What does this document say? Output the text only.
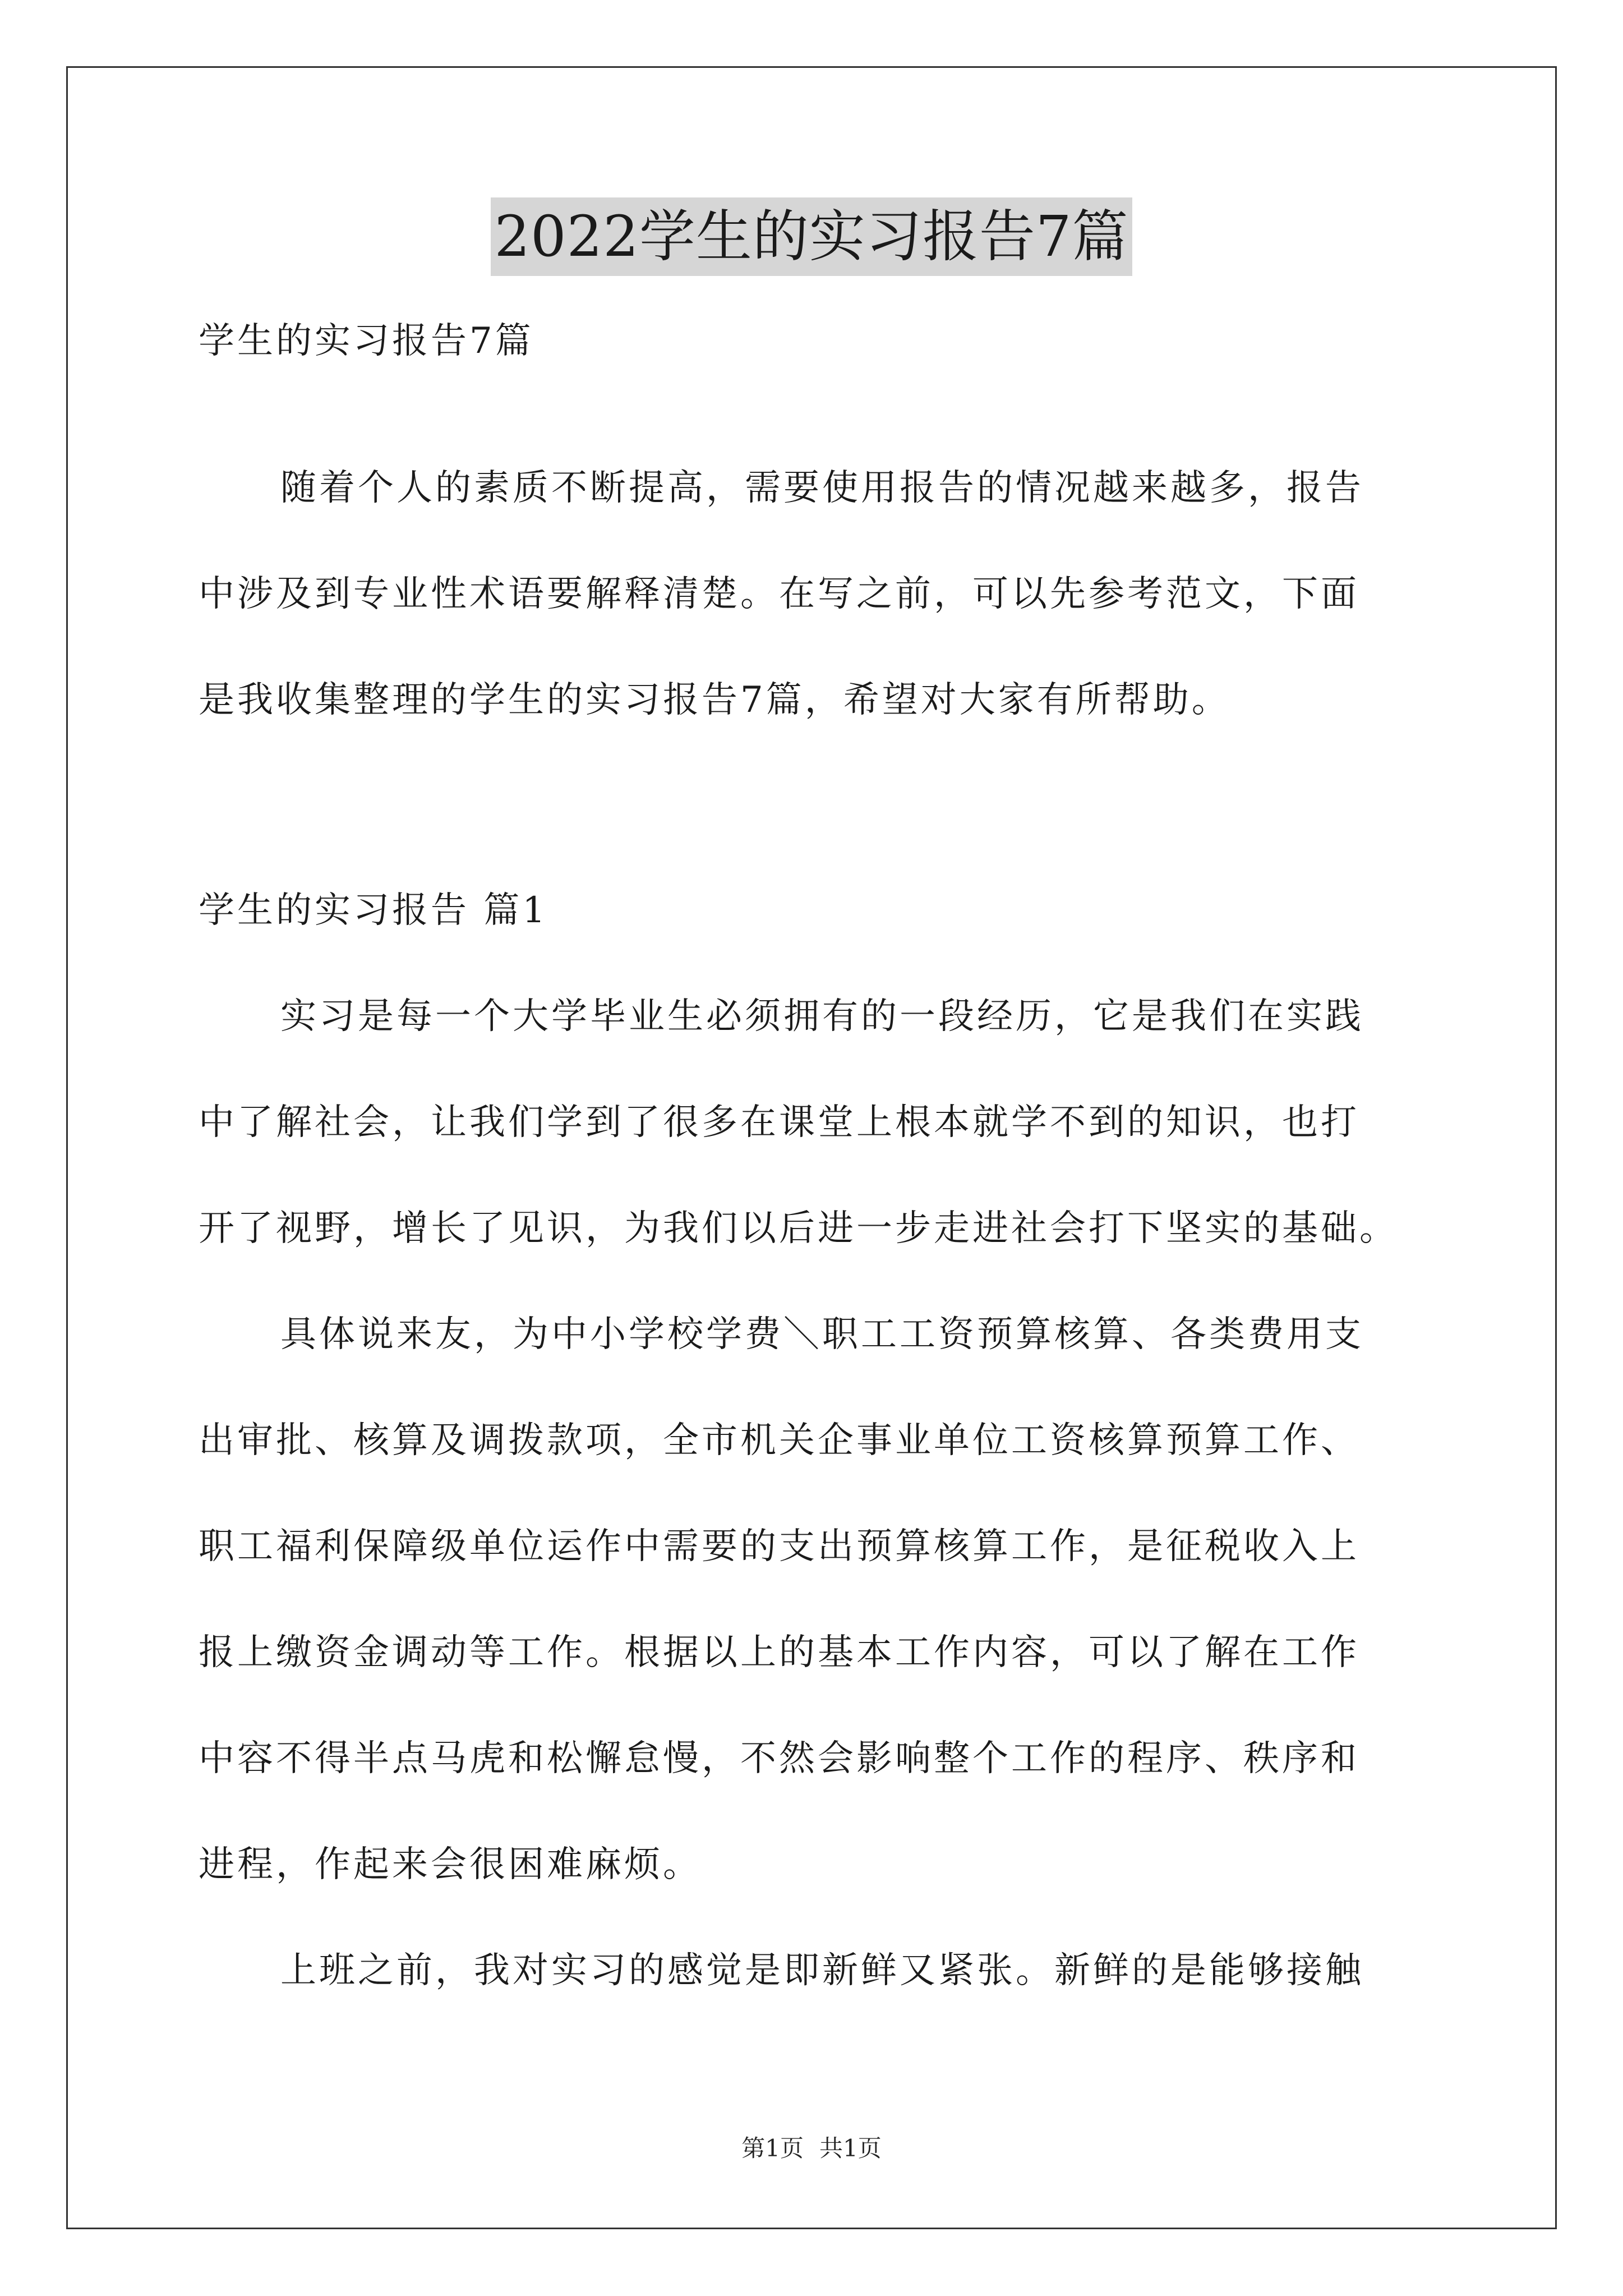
2022学生的实习报告7篇
学生的实习报告7篇
随着个人的素质不断提高，需要使用报告的情况越来越多，报告
中涉及到专业性术语要解释清楚。在写之前，可以先参考范文，下面
是我收集整理的学生的实习报告7篇，希望对大家有所帮助。
学生的实习报告 篇1
实习是每一个大学毕业生必须拥有的一段经历，它是我们在实践
中了解社会，让我们学到了很多在课堂上根本就学不到的知识，也打
开了视野，增长了见识，为我们以后进一步走进社会打下坚实的基础。
具体说来友，为中小学校学费＼职工工资预算核算、各类费用支
出审批、核算及调拨款项，全市机关企事业单位工资核算预算工作、
职工福利保障级单位运作中需要的支出预算核算工作，是征税收入上
报上缴资金调动等工作。根据以上的基本工作内容，可以了解在工作
中容不得半点马虎和松懈怠慢，不然会影响整个工作的程序、秩序和
进程，作起来会很困难麻烦。
上班之前，我对实习的感觉是即新鲜又紧张。新鲜的是能够接触
第1页 共1页
